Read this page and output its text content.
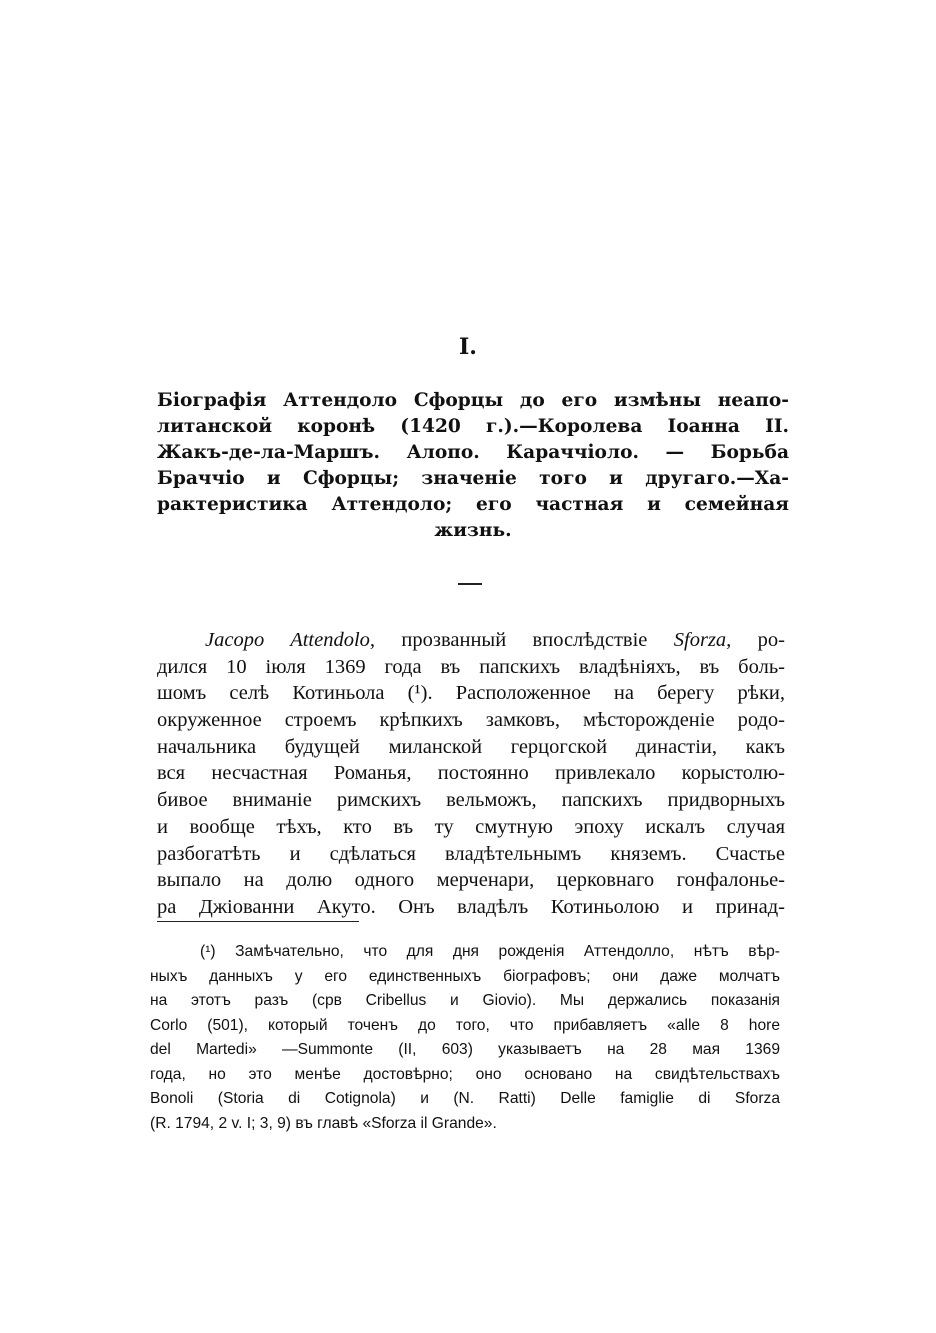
I.
Біографія Аттендоло Сфорцы до его измѣны неапо-
литанской коронѣ (1420 г.).—Королева Іоанна II.
Жакъ-де-ла-Маршъ. Алопо. Караччіоло. — Борьба
Браччіо и Сфорцы; значеніе того и другаго.—Ха-
рактеристика Аттендоло; его частная и семейная
жизнь.
Jacopo Attendolo, прозванный впослѣдствіе Sforza, ро-
дился 10 іюля 1369 года въ папскихъ владѣніяхъ, въ боль-
шомъ селѣ Котиньола (¹). Расположенное на берегу рѣки,
окруженное строемъ крѣпкихъ замковъ, мѣсторожденіе родо-
начальника будущей миланской герцогской династіи, какъ
вся несчастная Романья, постоянно привлекало корыстолю-
бивое вниманіе римскихъ вельможъ, папскихъ придворныхъ
и вообще тѣхъ, кто въ ту смутную эпоху искалъ случая
разбогатѣть и сдѣлаться владѣтельнымъ княземъ. Счастье
выпало на долю одного мерченари, церковнаго гонфалонье-
ра Джіованни Акуто. Онъ владѣлъ Котиньолою и принад-
(¹) Замѣчательно, что для дня рожденія Аттендолло, нѣтъ вѣр-
ныхъ данныхъ у его единственныхъ біографовъ; они даже молчатъ
на этотъ разъ (срв Cribellus и Giovio). Мы держались показанія
Corlo (501), который точенъ до того, что прибавляетъ «alle 8 hore
del Martedi» —Summonte (II, 603) указываетъ на 28 мая 1369
года, но это менѣе достовѣрно; оно основано на свидѣтельствахъ
Bonoli (Storia di Cotignola) и (N. Ratti) Delle famiglie di Sforza
(R. 1794, 2 v. I; 3, 9) въ главѣ «Sforza il Grande».
